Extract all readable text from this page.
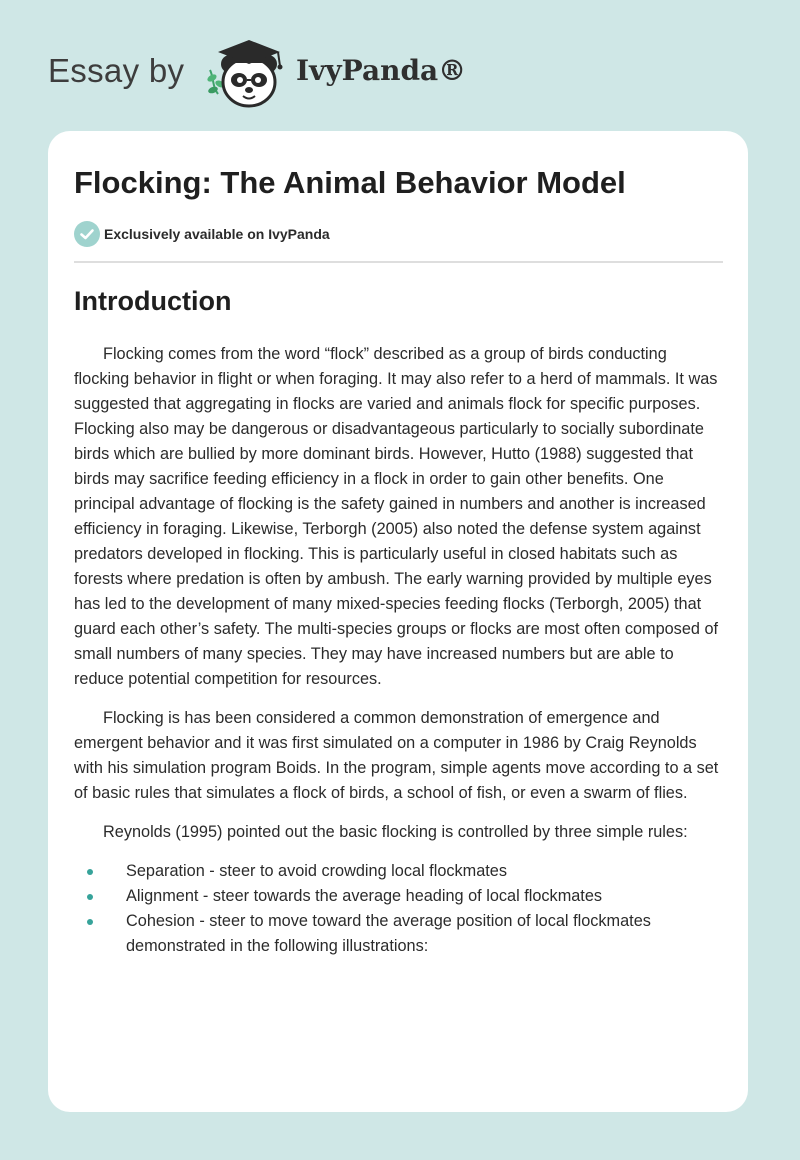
Essay by	IvyPanda®
Flocking: The Animal Behavior Model
Exclusively available on IvyPanda
Introduction

Flocking comes from the word “flock” described as a group of birds conducting flocking behavior in flight or when foraging. It may also refer to a herd of mammals. It was suggested that aggregating in flocks are varied and animals flock for specific purposes. Flocking also may be dangerous or disadvantageous particularly to socially subordinate birds which are bullied by more dominant birds. However, Hutto (1988) suggested that birds may sacrifice feeding efficiency in a flock in order to gain other benefits. One principal advantage of flocking is the safety gained in numbers and another is increased efficiency in foraging. Likewise, Terborgh (2005) also noted the defense system against predators developed in flocking. This is particularly useful in closed habitats such as forests where predation is often by ambush. The early warning provided by multiple eyes has led to the development of many mixed-species feeding flocks (Terborgh, 2005) that guard each other’s safety. The multi-species groups or flocks are most often composed of small numbers of many species. They may have increased numbers but are able to reduce potential competition for resources.

Flocking is has been considered a common demonstration of emergence and emergent behavior and it was first simulated on a computer in 1986 by Craig Reynolds with his simulation program Boids. In the program, simple agents move according to a set of basic rules that simulates a flock of birds, a school of fish, or even a swarm of flies.

Reynolds (1995) pointed out the basic flocking is controlled by three simple rules:

Separation - steer to avoid crowding local flockmates
Alignment - steer towards the average heading of local flockmates
Cohesion - steer to move toward the average position of local flockmates demonstrated in the following illustrations:
